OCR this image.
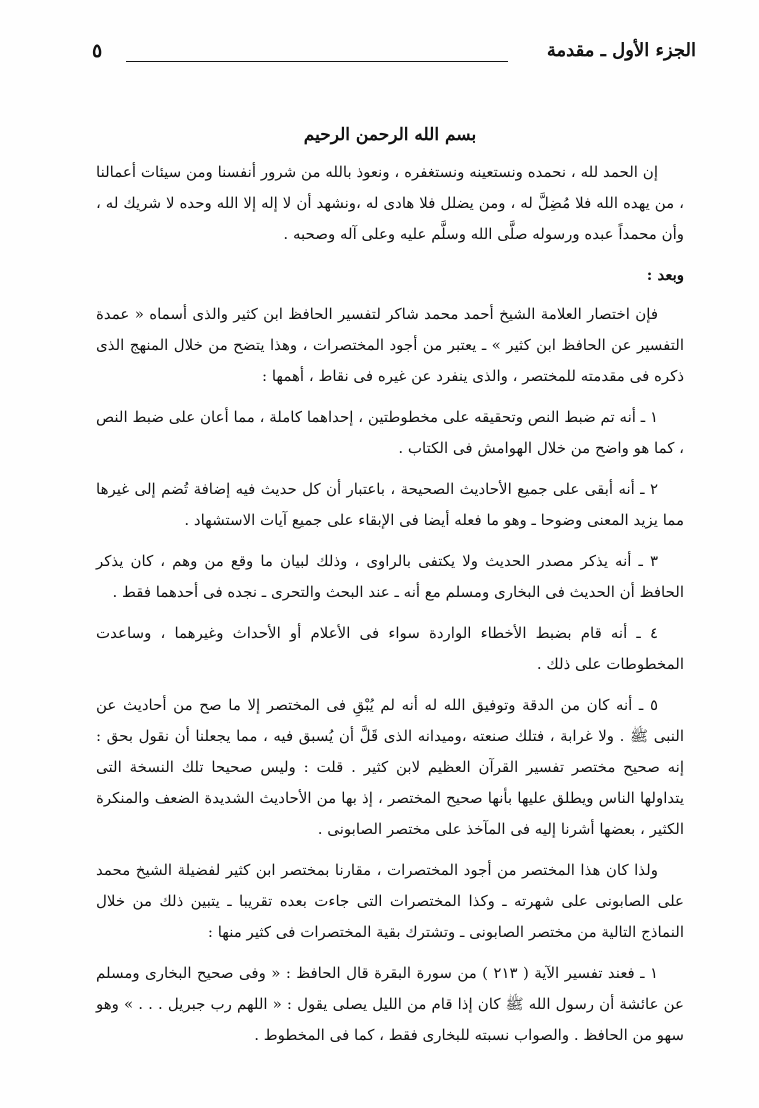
الجزء الأول ـ مقدمة
٥

بسم الله الرحمن الرحيم

إن الحمد لله ، نحمده ونستعينه ونستغفره ، ونعوذ بالله من شرور أنفسنا ومن سيئات أعمالنا ، من يهده الله فلا مُضِلَّ له ، ومن يضلل فلا هادى له ،ونشهد أن لا إله إلا الله وحده لا شريك له ، وأن محمداً عبده ورسوله صلَّى الله وسلَّم عليه وعلى آله وصحبه .

وبعد :

فإن اختصار العلامة الشيخ أحمد محمد شاكر لتفسير الحافظ ابن كثير والذى أسماه « عمدة التفسير عن الحافظ ابن كثير » ـ يعتبر من أجود المختصرات ، وهذا يتضح من خلال المنهج الذى ذكره فى مقدمته للمختصر ، والذى ينفرد عن غيره فى نقاط ، أهمها :

١ ـ أنه تم ضبط النص وتحقيقه على مخطوطتين ، إحداهما كاملة ، مما أعان على ضبط النص ، كما هو واضح من خلال الهوامش فى الكتاب .

٢ ـ أنه أبقى على جميع الأحاديث الصحيحة ، باعتبار أن كل حديث فيه إضافة تُضم إلى غيرها مما يزيد المعنى وضوحا ـ وهو ما فعله أيضا فى الإبقاء على جميع آيات الاستشهاد .

٣ ـ أنه يذكر مصدر الحديث ولا يكتفى بالراوى ، وذلك لبيان ما وقع من وهم ، كان يذكر الحافظ أن الحديث فى البخارى ومسلم مع أنه ـ عند البحث والتحرى ـ نجده فى أحدهما فقط .

٤ ـ أنه قام بضبط الأخطاء الواردة سواء فى الأعلام أو الأحداث وغيرهما ، وساعدت المخطوطات على ذلك .

٥ ـ أنه كان من الدقة وتوفيق الله له أنه لم يُبْقِ فى المختصر إلا ما صح من أحاديث عن النبى ﷺ . ولا غرابة ، فتلك صنعته ،وميدانه الذى قَلَّ أن يُسبق فيه ، مما يجعلنا أن نقول بحق : إنه صحيح مختصر تفسير القرآن العظيم لابن كثير . قلت : وليس صحيحا تلك النسخة التى يتداولها الناس ويطلق عليها بأنها صحيح المختصر ، إذ بها من الأحاديث الشديدة الضعف والمنكرة الكثير ، بعضها أشرنا إليه فى المآخذ على مختصر الصابونى .

ولذا كان هذا المختصر من أجود المختصرات ، مقارنا بمختصر ابن كثير لفضيلة الشيخ محمد على الصابونى على شهرته ـ وكذا المختصرات التى جاءت بعده تقريبا ـ يتبين ذلك من خلال النماذج التالية من مختصر الصابونى ـ وتشترك بقية المختصرات فى كثير منها :

١ ـ فعند تفسير الآية ( ٢١٣ ) من سورة البقرة قال الحافظ : « وفى صحيح البخارى ومسلم عن عائشة أن رسول الله ﷺ كان إذا قام من الليل يصلى يقول : « اللهم رب جبريل . . . » وهو سهو من الحافظ . والصواب نسبته للبخارى فقط ، كما فى المخطوط .
